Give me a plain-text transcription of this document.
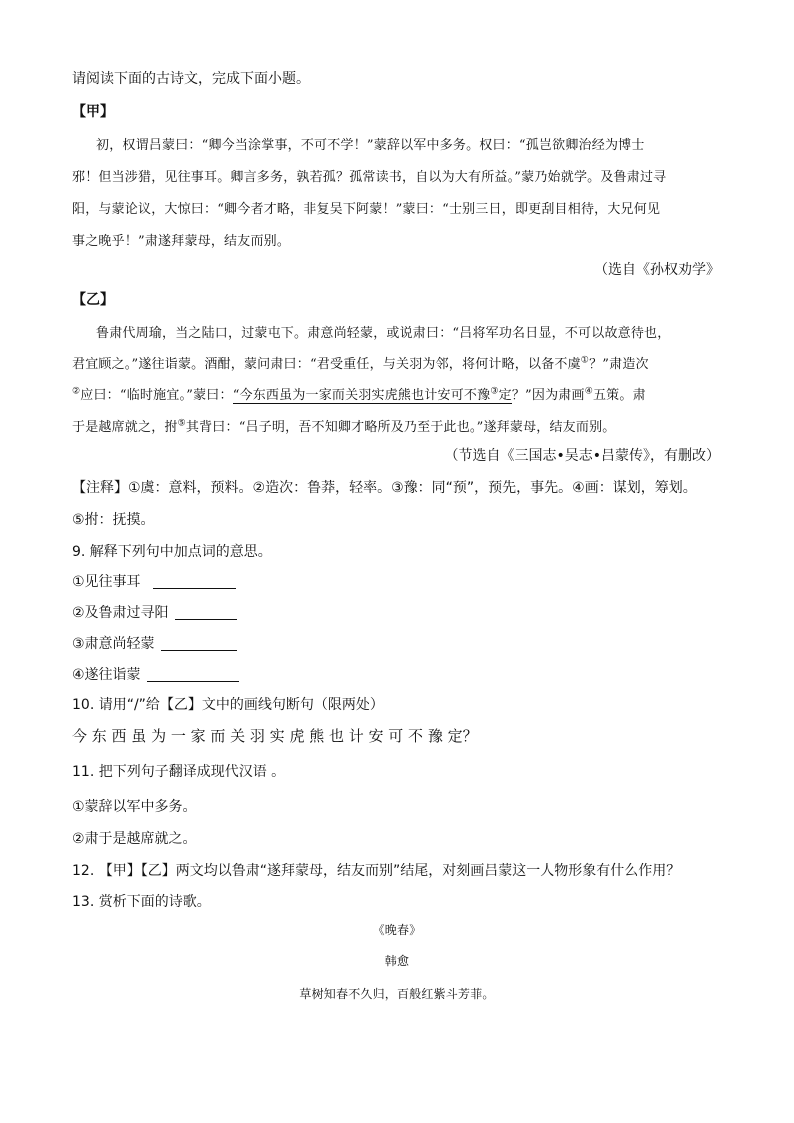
请阅读下面的古诗文，完成下面小题。
【甲】
初，权谓吕蒙曰：“卿今当涂掌事，不可不学！”蒙辞以军中多务。权曰：“孤岂欲卿治经为博士
邪！但当涉猎，见往事耳。卿言多务，孰若孤？孤常读书，自以为大有所益。”蒙乃始就学。及鲁肃过寻
阳，与蒙论议，大惊曰：“卿今者才略，非复吴下阿蒙！”蒙曰：“士别三日，即更刮目相待，大兄何见
事之晚乎！”肃遂拜蒙母，结友而别。
（选自《孙权劝学》
【乙】
鲁肃代周瑜，当之陆口，过蒙屯下。肃意尚轻蒙，或说肃曰：“吕将军功名日显，不可以故意待也，
君宜顾之。”遂往诣蒙。酒酣，蒙问肃曰：“君受重任，与关羽为邻，将何计略，以备不虞①？”肃造次
②应曰：“临时施宜。”蒙曰：“今东西虽为一家而关羽实虎熊也计安可不豫③定？”因为肃画④五策。肃
于是越席就之，拊⑤其背曰：“吕子明，吾不知卿才略所及乃至于此也。”遂拜蒙母，结友而别。
（节选自《三国志•吴志•吕蒙传》，有删改）
【注释】①虞：意料，预料。②造次：鲁莽，轻率。③豫：同“预”，预先，事先。④画：谋划，筹划。
⑤拊：抚摸。
9. 解释下列句中加点词的意思。
①见往事耳
②及鲁肃过寻阳
③肃意尚轻蒙
④遂往诣蒙
10. 请用“/”给【乙】文中的画线句断句（限两处）
今 东 西 虽 为 一 家 而 关 羽 实 虎 熊 也 计 安 可 不 豫 定？
11. 把下列句子翻译成现代汉语 。
①蒙辞以军中多务。
②肃于是越席就之。
12. 【甲】【乙】两文均以鲁肃“遂拜蒙母，结友而别”结尾，对刻画吕蒙这一人物形象有什么作用？
13. 赏析下面的诗歌。
《晚春》
韩愈
草树知春不久归，百般红紫斗芳菲。
